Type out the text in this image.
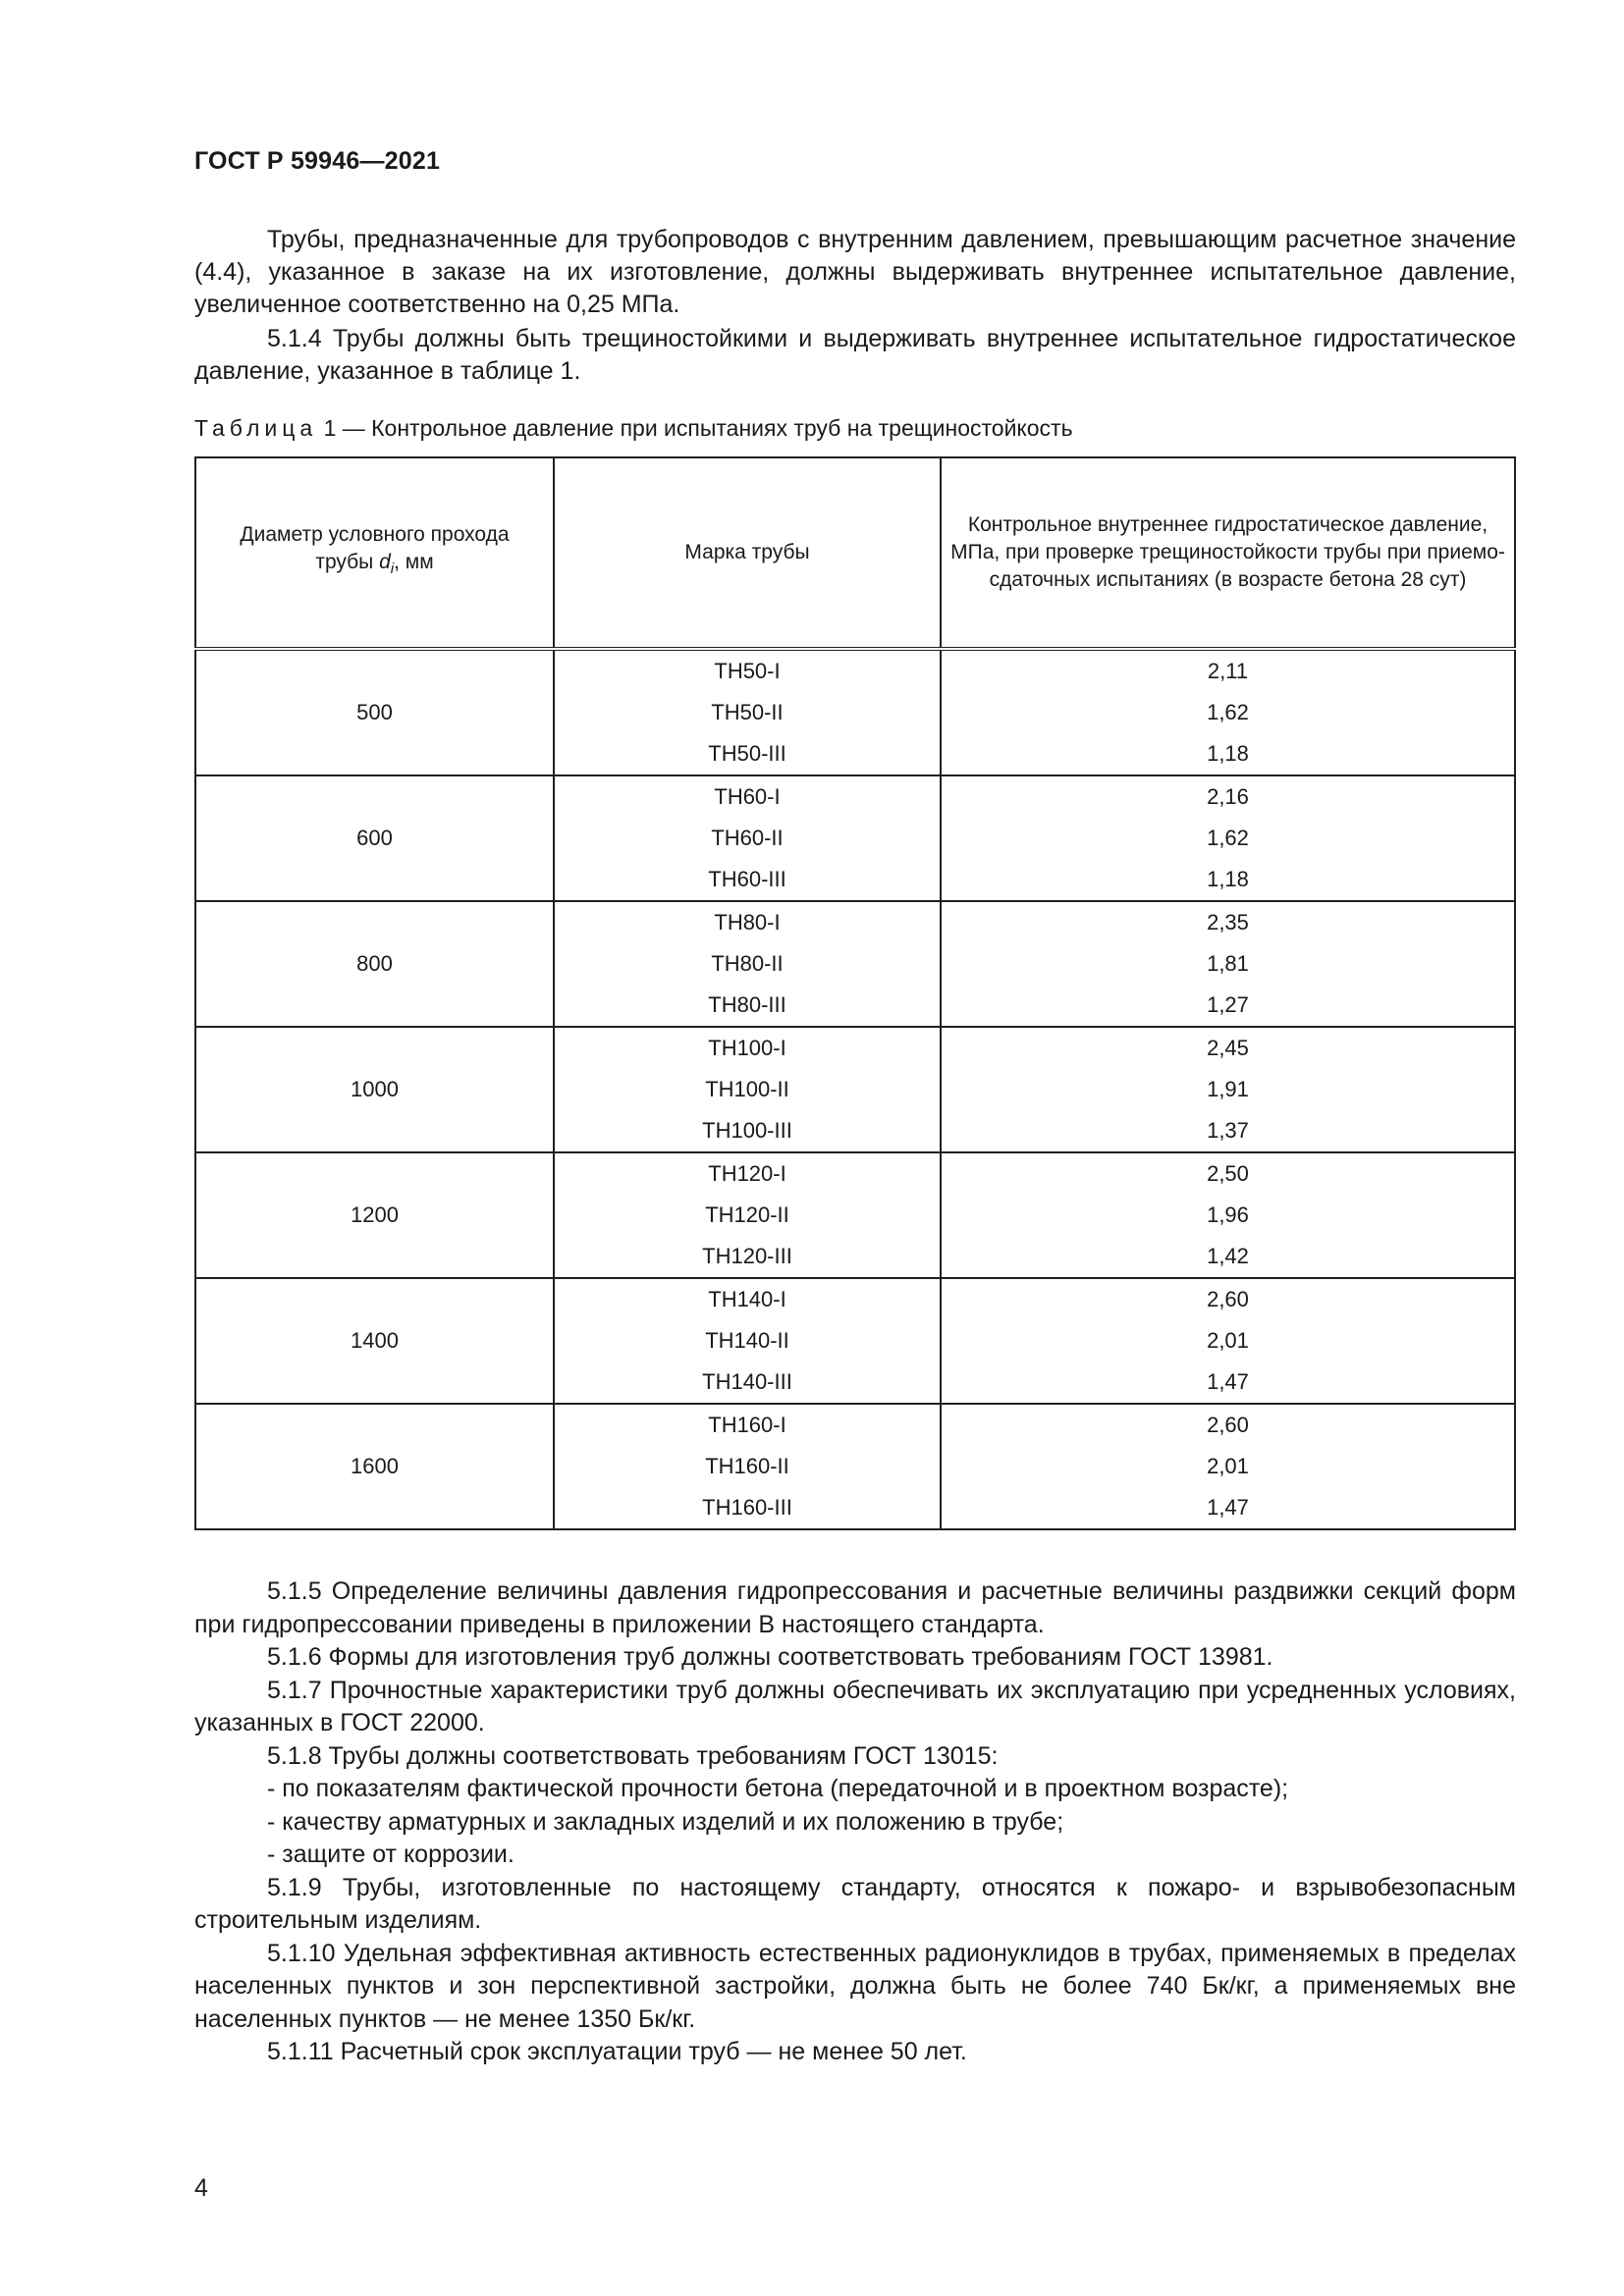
ГОСТ Р 59946—2021

Трубы, предназначенные для трубопроводов с внутренним давлением, превышающим расчетное значение (4.4), указанное в заказе на их изготовление, должны выдерживать внутреннее испытательное давление, увеличенное соответственно на 0,25 МПа.

5.1.4 Трубы должны быть трещиностойкими и выдерживать внутреннее испытательное гидростатическое давление, указанное в таблице 1.

Таблица 1 — Контрольное давление при испытаниях труб на трещиностойкость
Диаметр условного прохода
трубы $d_i$, мм	Марка трубы	Контрольное внутреннее гидростатическое давление, МПа, при проверке трещиностойкости трубы при приемо-сдаточных испытаниях (в возрасте бетона 28 сут)
500	ТН50-I	2,11
	ТН50-II	1,62
	ТН50-III	1,18
600	ТН60-I	2,16
	ТН60-II	1,62
	ТН60-III	1,18
800	ТН80-I	2,35
	ТН80-II	1,81
	ТН80-III	1,27
1000	ТН100-I	2,45
	ТН100-II	1,91
	ТН100-III	1,37
1200	ТН120-I	2,50
	ТН120-II	1,96
	ТН120-III	1,42
1400	ТН140-I	2,60
	ТН140-II	2,01
	ТН140-III	1,47
1600	ТН160-I	2,60
	ТН160-II	2,01
	ТН160-III	1,47

5.1.5 Определение величины давления гидропрессования и расчетные величины раздвижки секций форм при гидропрессовании приведены в приложении В настоящего стандарта.

5.1.6 Формы для изготовления труб должны соответствовать требованиям ГОСТ 13981.

5.1.7 Прочностные характеристики труб должны обеспечивать их эксплуатацию при усредненных условиях, указанных в ГОСТ 22000.

5.1.8 Трубы должны соответствовать требованиям ГОСТ 13015:

- по показателям фактической прочности бетона (передаточной и в проектном возрасте);

- качеству арматурных и закладных изделий и их положению в трубе;

- защите от коррозии.

5.1.9 Трубы, изготовленные по настоящему стандарту, относятся к пожаро- и взрывобезопасным строительным изделиям.

5.1.10 Удельная эффективная активность естественных радионуклидов в трубах, применяемых в пределах населенных пунктов и зон перспективной застройки, должна быть не более 740 Бк/кг, а применяемых вне населенных пунктов — не менее 1350 Бк/кг.

5.1.11 Расчетный срок эксплуатации труб — не менее 50 лет.

4
